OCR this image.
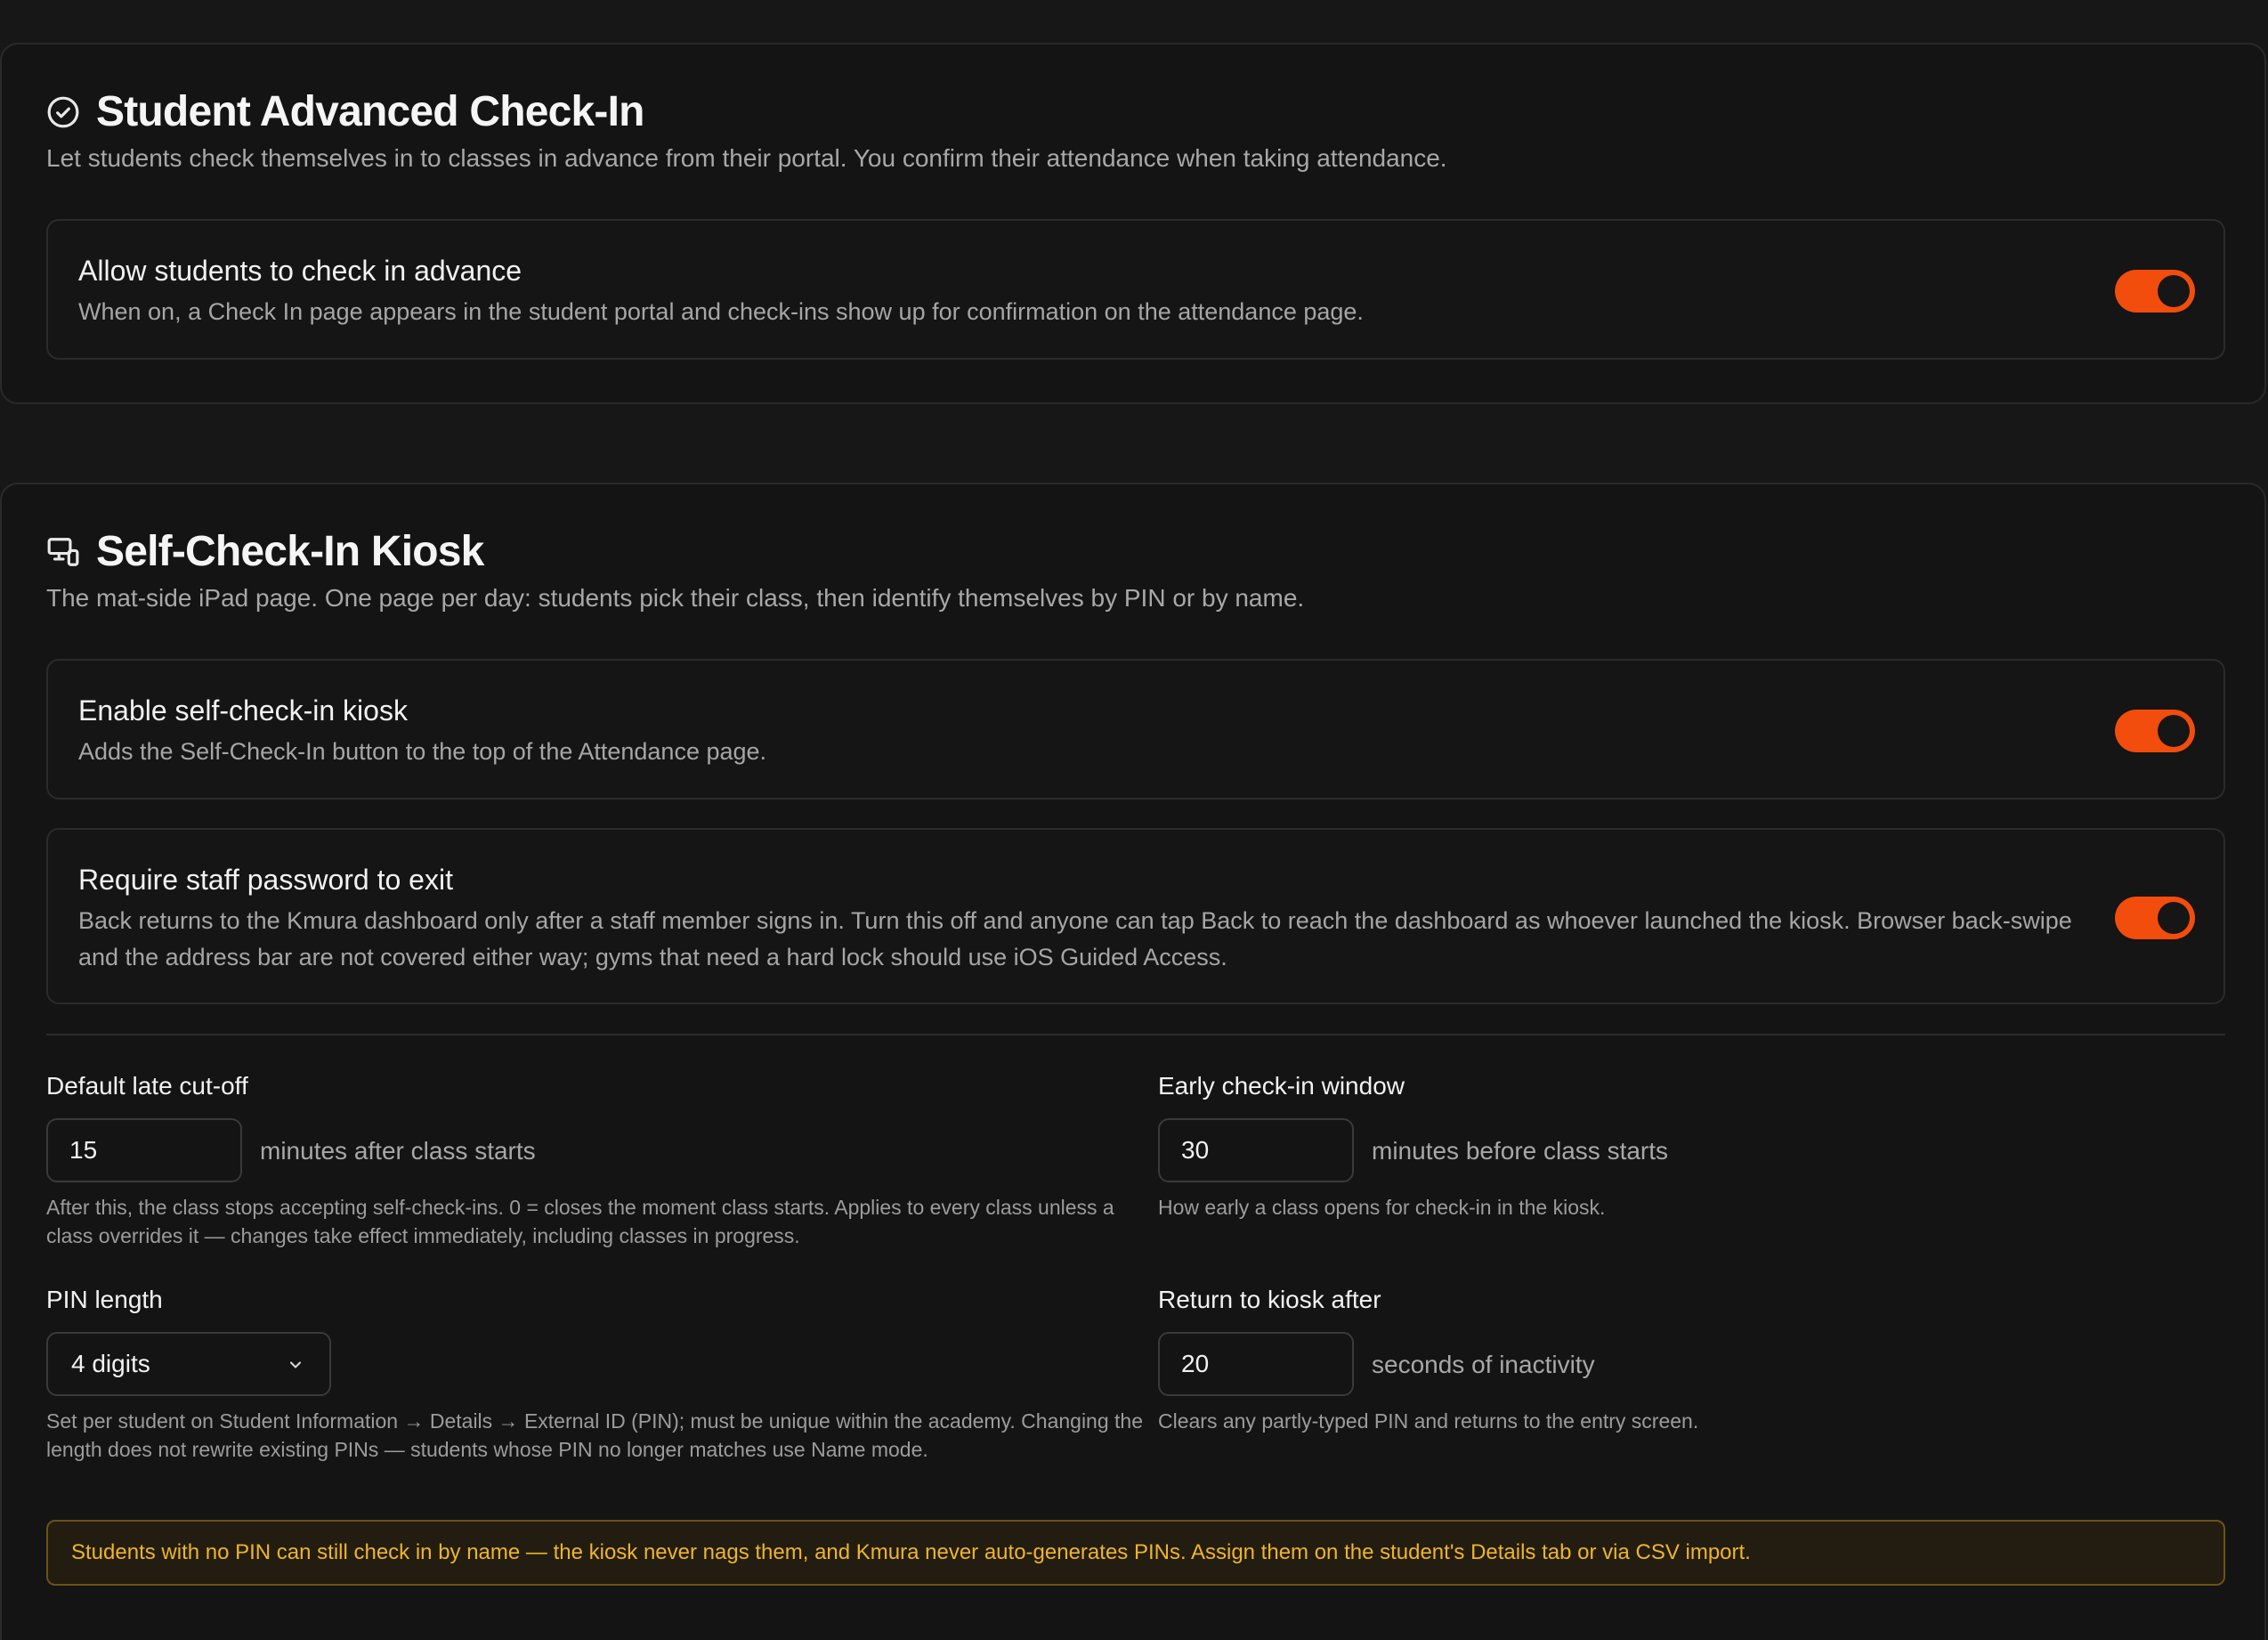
Student Advanced Check-In
Let students check themselves in to classes in advance from their portal. You confirm their attendance when taking attendance.
Allow students to check in advance
When on, a Check In page appears in the student portal and check-ins show up for confirmation on the attendance page.
Self-Check-In Kiosk
The mat-side iPad page. One page per day: students pick their class, then identify themselves by PIN or by name.
Enable self-check-in kiosk
Adds the Self-Check-In button to the top of the Attendance page.
Require staff password to exit
Back returns to the Kmura dashboard only after a staff member signs in. Turn this off and anyone can tap Back to reach the dashboard as whoever launched the kiosk. Browser back-swipe and the address bar are not covered either way; gyms that need a hard lock should use iOS Guided Access.
Default late cut-off
15	minutes after class starts
After this, the class stops accepting self-check-ins. 0 = closes the moment class starts. Applies to every class unless a class overrides it — changes take effect immediately, including classes in progress.
Early check-in window
30	minutes before class starts
How early a class opens for check-in in the kiosk.
PIN length
4 digits
Set per student on Student Information → Details → External ID (PIN); must be unique within the academy. Changing the length does not rewrite existing PINs — students whose PIN no longer matches use Name mode.
Return to kiosk after
20	seconds of inactivity
Clears any partly-typed PIN and returns to the entry screen.
Students with no PIN can still check in by name — the kiosk never nags them, and Kmura never auto-generates PINs. Assign them on the student's Details tab or via CSV import.
